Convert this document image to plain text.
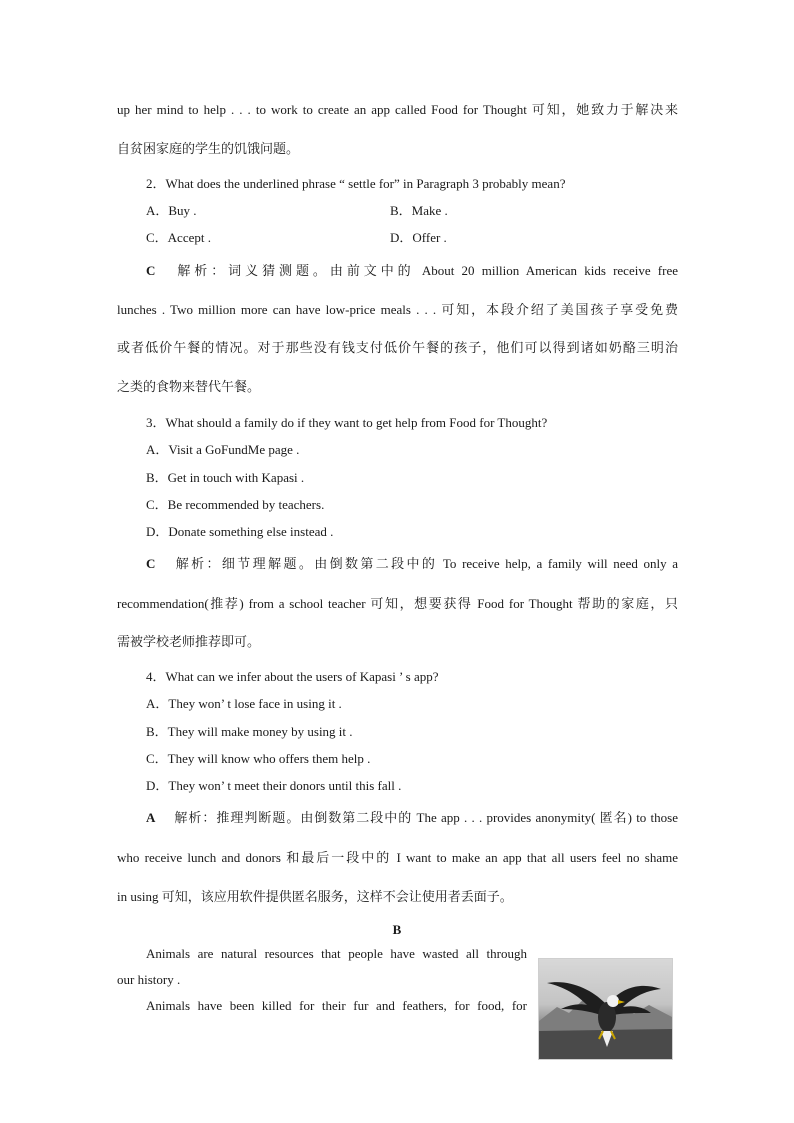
up her mind to help . . . to work to create an app called Food for Thought 可知，她致力于解决来
自贫困家庭的学生的饥饿问题。
2．What does the underlined phrase “ settle for” in Paragraph 3 probably mean?
A．Buy .	B．Make .
C．Accept .	D．Offer .
C 解析：词义猜测题。由前文中的 About 20 million American kids receive free
lunches . Two million more can have low-price meals . . . 可知，本段介绍了美国孩子享受免费
或者低价午餐的情况。对于那些没有钱支付低价午餐的孩子，他们可以得到诸如奶酪三明治
之类的食物来替代午餐。
3．What should a family do if they want to get help from Food for Thought?
A．Visit a GoFundMe page .
B．Get in touch with Kapasi .
C．Be recommended by teachers.
D．Donate something else instead .
C 解析：细节理解题。由倒数第二段中的 To receive help, a family will need only a
recommendation(推荐) from a school teacher 可知，想要获得 Food for Thought 帮助的家庭，只
需被学校老师推荐即可。
4．What can we infer about the users of Kapasi ’ s app?
A．They won’ t lose face in using it .
B．They will make money by using it .
C．They will know who offers them help .
D．They won’ t meet their donors until this fall .
A 解析：推理判断题。由倒数第二段中的 The app . . . provides anonymity( 匿名) to those
who receive lunch and donors 和最后一段中的 I want to make an app that all users feel no shame
in using 可知，该应用软件提供匿名服务，这样不会让使用者丢面子。
B
Animals are natural resources that people have wasted all through
our history .
Animals have been killed for their fur and feathers, for food, for
